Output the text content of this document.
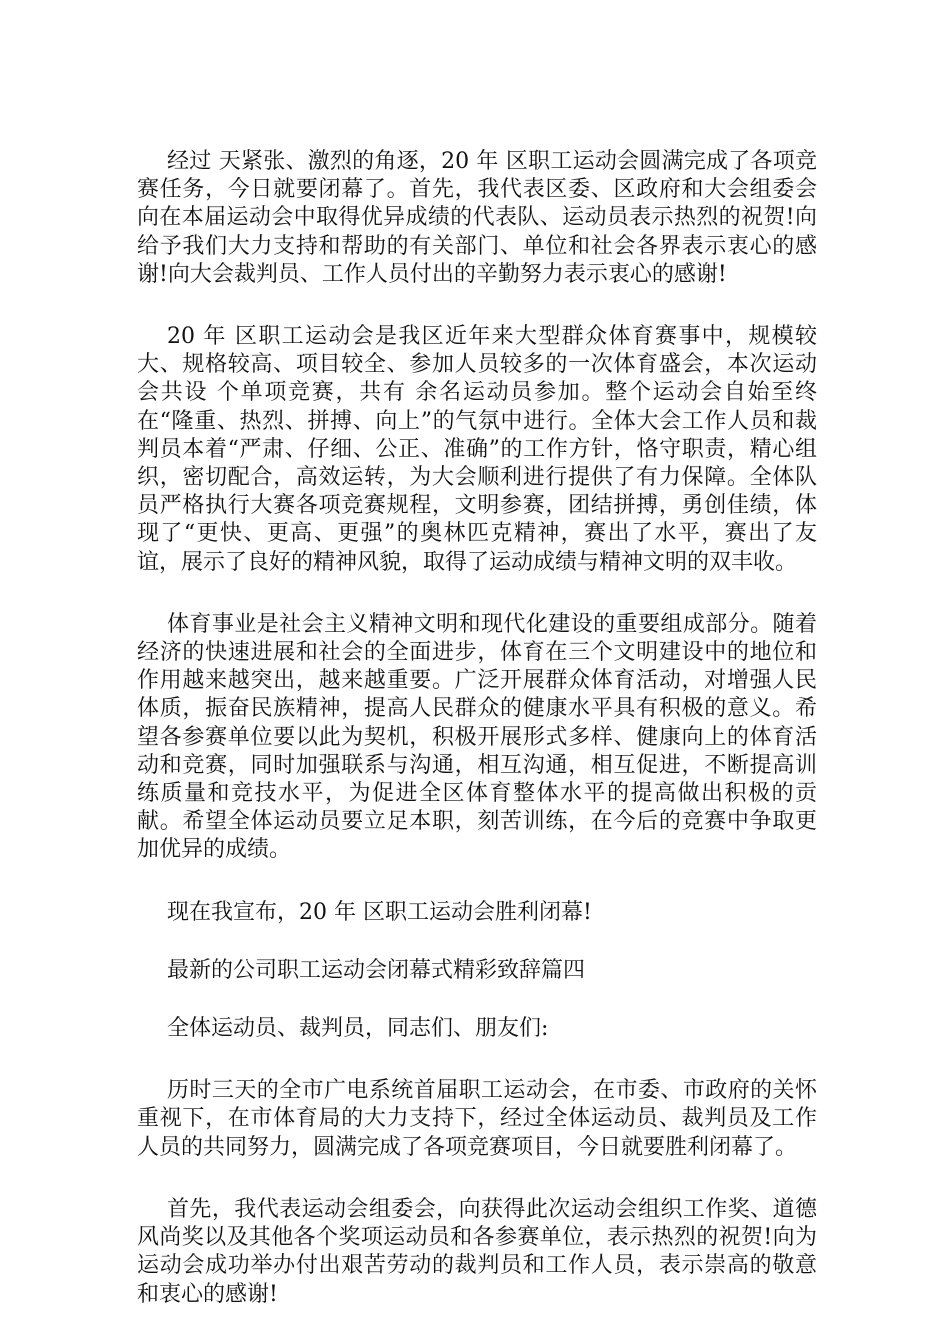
经过 天紧张、激烈的角逐，20 年 区职工运动会圆满完成了各项竞赛任务，今日就要闭幕了。首先，我代表区委、区政府和大会组委会向在本届运动会中取得优异成绩的代表队、运动员表示热烈的祝贺!向给予我们大力支持和帮助的有关部门、单位和社会各界表示衷心的感谢!向大会裁判员、工作人员付出的辛勤努力表示衷心的感谢!

20 年 区职工运动会是我区近年来大型群众体育赛事中，规模较大、规格较高、项目较全、参加人员较多的一次体育盛会，本次运动会共设 个单项竞赛，共有 余名运动员参加。整个运动会自始至终在“隆重、热烈、拼搏、向上”的气氛中进行。全体大会工作人员和裁判员本着“严肃、仔细、公正、准确”的工作方针，恪守职责，精心组织，密切配合，高效运转，为大会顺利进行提供了有力保障。全体队员严格执行大赛各项竞赛规程，文明参赛，团结拼搏，勇创佳绩，体现了“更快、更高、更强”的奥林匹克精神，赛出了水平，赛出了友谊，展示了良好的精神风貌，取得了运动成绩与精神文明的双丰收。

体育事业是社会主义精神文明和现代化建设的重要组成部分。随着经济的快速进展和社会的全面进步，体育在三个文明建设中的地位和作用越来越突出，越来越重要。广泛开展群众体育活动，对增强人民体质，振奋民族精神，提高人民群众的健康水平具有积极的意义。希望各参赛单位要以此为契机，积极开展形式多样、健康向上的体育活动和竞赛，同时加强联系与沟通，相互沟通，相互促进，不断提高训练质量和竞技水平，为促进全区体育整体水平的提高做出积极的贡献。希望全体运动员要立足本职，刻苦训练，在今后的竞赛中争取更加优异的成绩。

现在我宣布，20 年 区职工运动会胜利闭幕!

最新的公司职工运动会闭幕式精彩致辞篇四

全体运动员、裁判员，同志们、朋友们:

历时三天的全市广电系统首届职工运动会，在市委、市政府的关怀重视下，在市体育局的大力支持下，经过全体运动员、裁判员及工作人员的共同努力，圆满完成了各项竞赛项目，今日就要胜利闭幕了。

首先，我代表运动会组委会，向获得此次运动会组织工作奖、道德风尚奖以及其他各个奖项运动员和各参赛单位，表示热烈的祝贺!向为运动会成功举办付出艰苦劳动的裁判员和工作人员，表示崇高的敬意和衷心的感谢!
